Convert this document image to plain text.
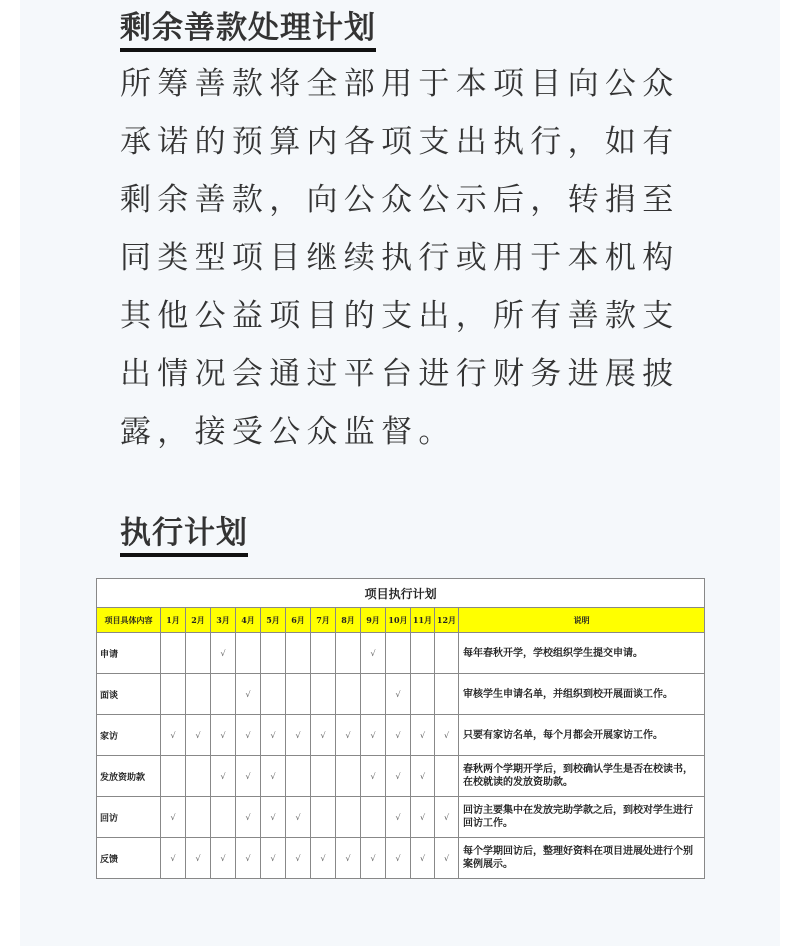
剩余善款处理计划
所筹善款将全部用于本项目向公众
承诺的预算内各项支出执行，如有
剩余善款，向公众公示后，转捐至
同类型项目继续执行或用于本机构
其他公益项目的支出，所有善款支
出情况会通过平台进行财务进展披
露，接受公众监督。
执行计划
项目执行计划													
项目具体内容	1月	2月	3月	4月	5月	6月	7月	8月	9月	10月	11月	12月	说明
申请			√						√				每年春秋开学，学校组织学生提交申请。
面谈				√						√			审核学生申请名单，并组织到校开展面谈工作。
家访	√	√	√	√	√	√	√	√	√	√	√	√	只要有家访名单，每个月都会开展家访工作。
发放资助款			√	√	√				√	√	√		春秋两个学期开学后，到校确认学生是否在校读书，在校就读的发放资助款。
回访	√			√	√	√				√	√	√	回访主要集中在发放完助学款之后，到校对学生进行回访工作。
反馈	√	√	√	√	√	√	√	√	√	√	√	√	每个学期回访后，整理好资料在项目进展处进行个别案例展示。
